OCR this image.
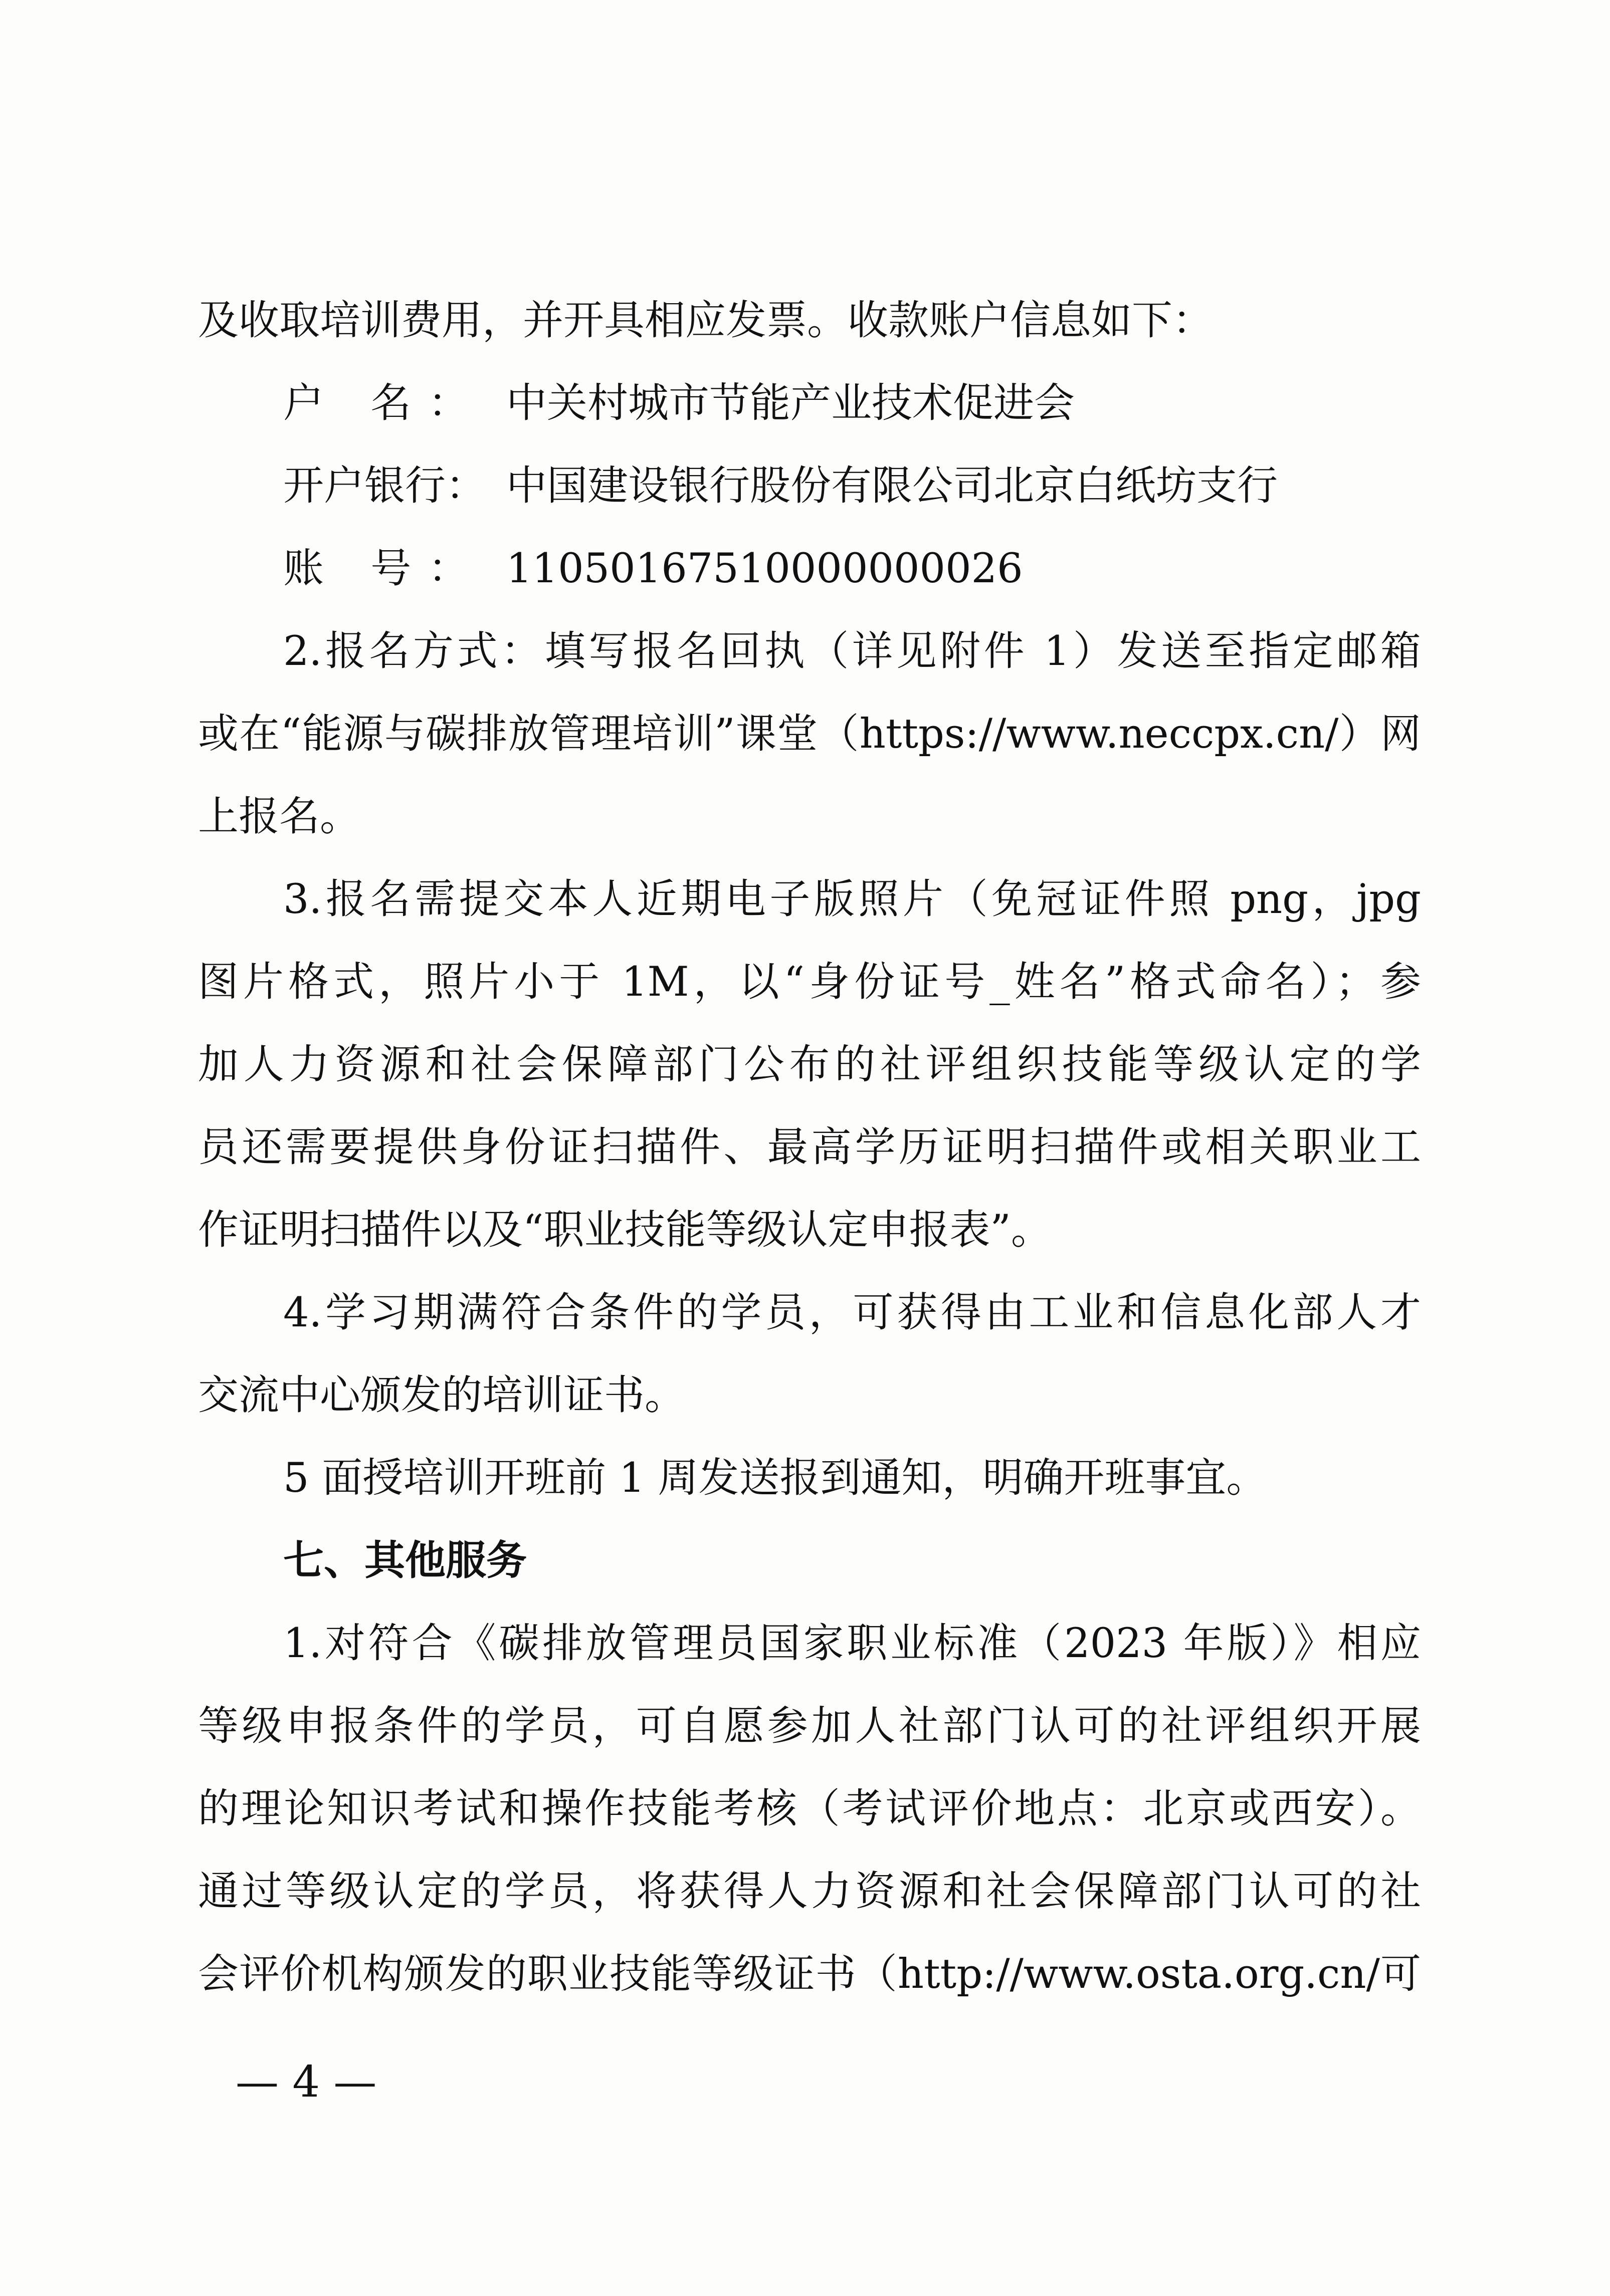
及收取培训费用，并开具相应发票。收款账户信息如下：
户 名： 中关村城市节能产业技术促进会
开户银行： 中国建设银行股份有限公司北京白纸坊支行
账 号： 11050167510000000026
2.报名方式：填写报名回执（详见附件 1）发送至指定邮箱
或在“能源与碳排放管理培训”课堂（https://www.neccpx.cn/）网
上报名。
3.报名需提交本人近期电子版照片（免冠证件照 png，jpg
图片格式，照片小于 1M，以“身份证号_姓名”格式命名）；参
加人力资源和社会保障部门公布的社评组织技能等级认定的学
员还需要提供身份证扫描件、最高学历证明扫描件或相关职业工
作证明扫描件以及“职业技能等级认定申报表”。
4.学习期满符合条件的学员，可获得由工业和信息化部人才
交流中心颁发的培训证书。
5 面授培训开班前 1 周发送报到通知，明确开班事宜。
七、其他服务
1.对符合《碳排放管理员国家职业标准（2023 年版）》相应
等级申报条件的学员，可自愿参加人社部门认可的社评组织开展
的理论知识考试和操作技能考核（考试评价地点：北京或西安）。
通过等级认定的学员，将获得人力资源和社会保障部门认可的社
会评价机构颁发的职业技能等级证书（http://www.osta.org.cn/可
— 4 —
